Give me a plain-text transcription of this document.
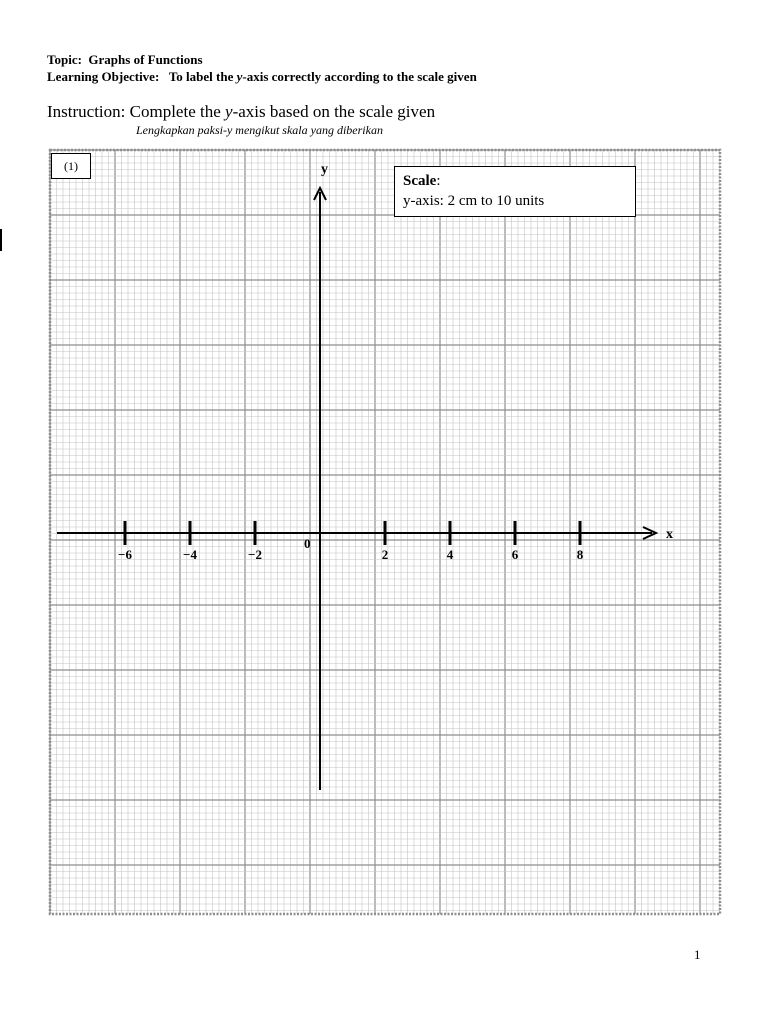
Topic: Graphs of Functions
Learning Objective: To label the y-axis correctly according to the scale given
Instruction: Complete the y-axis based on the scale given
Lengkapkan paksi-y mengikut skala yang diberikan
x
y
0
−6	−4	−2	2	4	6	8
(1)
Scale:
y-axis: 2 cm to 10 units
1
